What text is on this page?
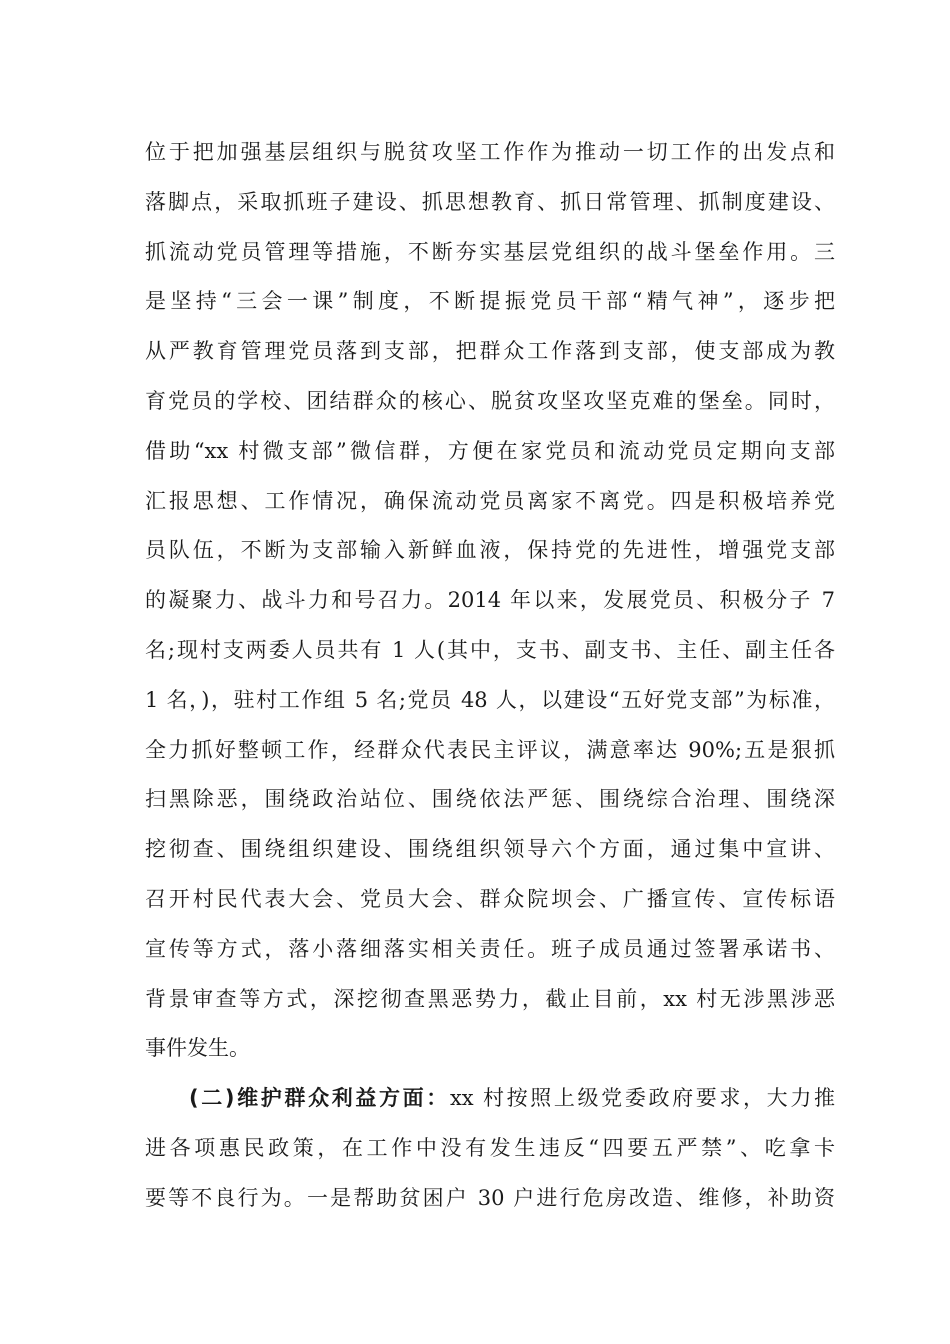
位于把加强基层组织与脱贫攻坚工作作为推动一切工作的出发点和
落脚点，采取抓班子建设、抓思想教育、抓日常管理、抓制度建设、
抓流动党员管理等措施，不断夯实基层党组织的战斗堡垒作用。三
是坚持“三会一课”制度，不断提振党员干部“精气神”，逐步把
从严教育管理党员落到支部，把群众工作落到支部，使支部成为教
育党员的学校、团结群众的核心、脱贫攻坚攻坚克难的堡垒。同时，
借助“xx 村微支部”微信群，方便在家党员和流动党员定期向支部
汇报思想、工作情况，确保流动党员离家不离党。四是积极培养党
员队伍，不断为支部输入新鲜血液，保持党的先进性，增强党支部
的凝聚力、战斗力和号召力。2014 年以来，发展党员、积极分子 7
名;现村支两委人员共有 1 人(其中，支书、副支书、主任、副主任各
1 名，)，驻村工作组 5 名;党员 48 人，以建设“五好党支部”为标准，
全力抓好整顿工作，经群众代表民主评议，满意率达 90%;五是狠抓
扫黑除恶，围绕政治站位、围绕依法严惩、围绕综合治理、围绕深
挖彻查、围绕组织建设、围绕组织领导六个方面，通过集中宣讲、
召开村民代表大会、党员大会、群众院坝会、广播宣传、宣传标语
宣传等方式，落小落细落实相关责任。班子成员通过签署承诺书、
背景审查等方式，深挖彻查黑恶势力，截止目前，xx 村无涉黑涉恶
事件发生。
(二)维护群众利益方面：xx 村按照上级党委政府要求，大力推
进各项惠民政策，在工作中没有发生违反“四要五严禁”、吃拿卡
要等不良行为。一是帮助贫困户 30 户进行危房改造、维修，补助资
